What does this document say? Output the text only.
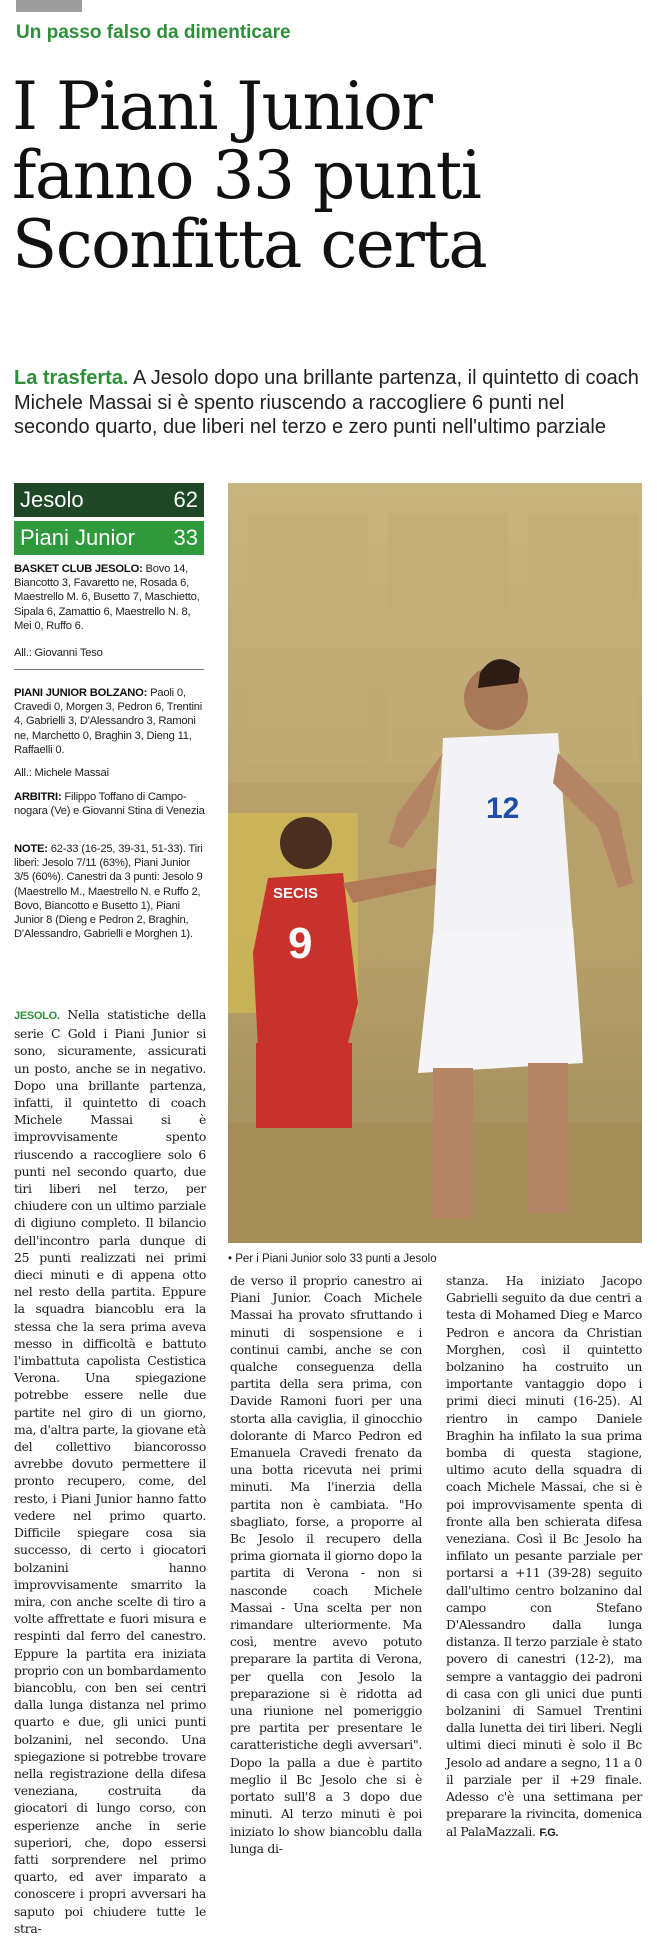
Un passo falso da dimenticare
I Piani Junior
fanno 33 punti
Sconfitta certa
La trasferta. A Jesolo dopo una brillante partenza, il quintetto di coach Michele Massai si è spento riuscendo a raccogliere 6 punti nel secondo quarto, due liberi nel terzo e zero punti nell'ultimo parziale
Jesolo	62
Piani Junior 33
BASKET CLUB JESOLO: Bovo 14, Biancotto 3, Favaretto ne, Rosada 6, Maestrello M. 6, Busetto 7, Maschietto, Sipala 6, Zamattio 6, Maestrello N. 8, Mei 0, Ruffo 6.
All.: Giovanni Teso
PIANI JUNIOR BOLZANO: Paoli 0, Cravedi 0, Morgen 3, Pedron 6, Trentini 4, Gabrielli 3, D'Alessandro 3, Ramoni ne, Marchetto 0, Braghin 3, Dieng 11, Raffaelli 0.
All.: Michele Massai
ARBITRI: Filippo Toffano di Campo-nogara (Ve) e Giovanni Stina di Venezia
NOTE: 62-33 (16-25, 39-31, 51-33). Tiri liberi: Jesolo 7/11 (63%), Piani Junior 3/5 (60%). Canestri da 3 punti: Jesolo 9 (Maestrello M., Maestrello N. e Ruffo 2, Bovo, Biancotto e Busetto 1), Piani Junior 8 (Dieng e Pedron 2, Braghin, D'Alessandro, Gabrielli e Morghen 1).	9
SECIS
12
• Per i Piani Junior solo 33 punti a Jesolo
JESOLO. Nella statistiche della serie C Gold i Piani Junior si sono, sicuramente, assicurati un posto, anche se in negativo. Dopo una brillante partenza, infatti, il quintetto di coach Michele Massai si è improvvisamente spento riuscendo a raccogliere solo 6 punti nel secondo quarto, due tiri liberi nel terzo, per chiudere con un ultimo parziale di digiuno completo. Il bilancio dell'incontro parla dunque di 25 punti realizzati nei primi dieci minuti e di appena otto nel resto della partita. Eppure la squadra biancoblu era la stessa che la sera prima aveva messo in difficoltà e battuto l'imbattuta capolista Cestistica Verona. Una spiegazione potrebbe essere nelle due partite nel giro di un giorno, ma, d'altra parte, la giovane età del collettivo biancorosso avrebbe dovuto permettere il pronto recupero, come, del resto, i Piani Junior hanno fatto vedere nel primo quarto. Difficile spiegare cosa sia successo, di certo i giocatori bolzanini hanno improvvisamente smarrito la mira, con anche scelte di tiro a volte affrettate e fuori misura e respinti dal ferro del canestro. Eppure la partita era iniziata proprio con un bombardamento biancoblu, con ben sei centri dalla lunga distanza nel primo quarto e due, gli unici punti bolzanini, nel secondo. Una spiegazione si potrebbe trovare nella registrazione della difesa veneziana, costruita da giocatori di lungo corso, con esperienze anche in serie superiori, che, dopo essersi fatti sorprendere nel primo quarto, ed aver imparato a conoscere i propri avversari ha saputo poi chiudere tutte le stra-
de verso il proprio canestro ai Piani Junior. Coach Michele Massai ha provato sfruttando i minuti di sospensione e i continui cambi, anche se con qualche conseguenza della partita della sera prima, con Davide Ramoni fuori per una storta alla caviglia, il ginocchio dolorante di Marco Pedron ed Emanuela Cravedi frenato da una botta ricevuta nei primi minuti. Ma l'inerzia della partita non è cambiata. "Ho sbagliato, forse, a proporre al Bc Jesolo il recupero della prima giornata il giorno dopo la partita di Verona - non si nasconde coach Michele Massai - Una scelta per non rimandare ulteriormente. Ma così, mentre avevo potuto preparare la partita di Verona, per quella con Jesolo la preparazione si è ridotta ad una riunione nel pomeriggio pre partita per presentare le caratteristiche degli avversari". Dopo la palla a due è partito meglio il Bc Jesolo che si è portato sull'8 a 3 dopo due minuti. Al terzo minuti è poi iniziato lo show biancoblu dalla lunga di-
stanza. Ha iniziato Jacopo Gabrielli seguito da due centri a testa di Mohamed Dieg e Marco Pedron e ancora da Christian Morghen, così il quintetto bolzanino ha costruito un importante vantaggio dopo i primi dieci minuti (16-25). Al rientro in campo Daniele Braghin ha infilato la sua prima bomba di questa stagione, ultimo acuto della squadra di coach Michele Massai, che si è poi improvvisamente spenta di fronte alla ben schierata difesa veneziana. Così il Bc Jesolo ha infilato un pesante parziale per portarsi a +11 (39-28) seguito dall'ultimo centro bolzanino dal campo con Stefano D'Alessandro dalla lunga distanza. Il terzo parziale è stato povero di canestri (12-2), ma sempre a vantaggio dei padroni di casa con gli unici due punti bolzanini di Samuel Trentini dalla lunetta dei tiri liberi. Negli ultimi dieci minuti è solo il Bc Jesolo ad andare a segno, 11 a 0 il parziale per il +29 finale. Adesso c'è una settimana per preparare la rivincita, domenica al PalaMazzali. F.G.
